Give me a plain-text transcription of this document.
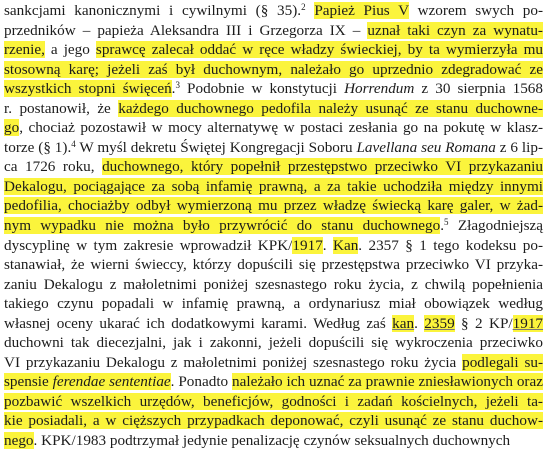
sankcjami kanonicznymi i cywilnymi (§ 35).$^2$ Papież Pius V wzorem swych po-
przedników – papieża Aleksandra III i Grzegorza IX – uznał taki czyn za wynatu-
rzenie, a jego sprawcę zalecał oddać w ręce władzy świeckiej, by ta wymierzyła mu
stosowną karę; jeżeli zaś był duchownym, należało go uprzednio zdegradować ze
wszystkich stopni święceń.$^3$ Podobnie w konstytucji Horrendum z 30 sierpnia 1568
r. postanowił, że każdego duchownego pedofila należy usunąć ze stanu duchowne-
go, chociaż pozostawił w mocy alternatywę w postaci zesłania go na pokutę w klasz-
torze (§ 1).$^4$ W myśl dekretu Świętej Kongregacji Soboru Lavellana seu Romana z 6 lip-
ca 1726 roku, duchownego, który popełnił przestępstwo przeciwko VI przykazaniu
Dekalogu, pociągające za sobą infamię prawną, a za takie uchodziła między innymi
pedofilia, chociażby odbył wymierzoną mu przez władzę świecką karę galer, w żad-
nym wypadku nie można było przywrócić do stanu duchownego.$^5$ Złagodniejszą
dyscyplinę w tym zakresie wprowadził KPK/1917. Kan. 2357 § 1 tego kodeksu po-
stanawiał, że wierni świeccy, którzy dopuścili się przestępstwa przeciwko VI przyka-
zaniu Dekalogu z małoletnimi poniżej szesnastego roku życia, z chwilą popełnienia
takiego czynu popadali w infamię prawną, a ordynariusz miał obowiązek według
własnej oceny ukarać ich dodatkowymi karami. Według zaś kan. 2359 § 2 KP/1917
duchowni tak diecezjalni, jak i zakonni, jeżeli dopuścili się wykroczenia przeciwko
VI przykazaniu Dekalogu z małoletnimi poniżej szesnastego roku życia podlegali su-
spensie ferendae sententiae. Ponadto należało ich uznać za prawnie zniesławionych oraz
pozbawić wszelkich urzędów, beneficjów, godności i zadań kościelnych, jeżeli ta-
kie posiadali, a w cięższych przypadkach deponować, czyli usunąć ze stanu duchow-
nego. KPK/1983 podtrzymał jedynie penalizację czynów seksualnych duchownych
